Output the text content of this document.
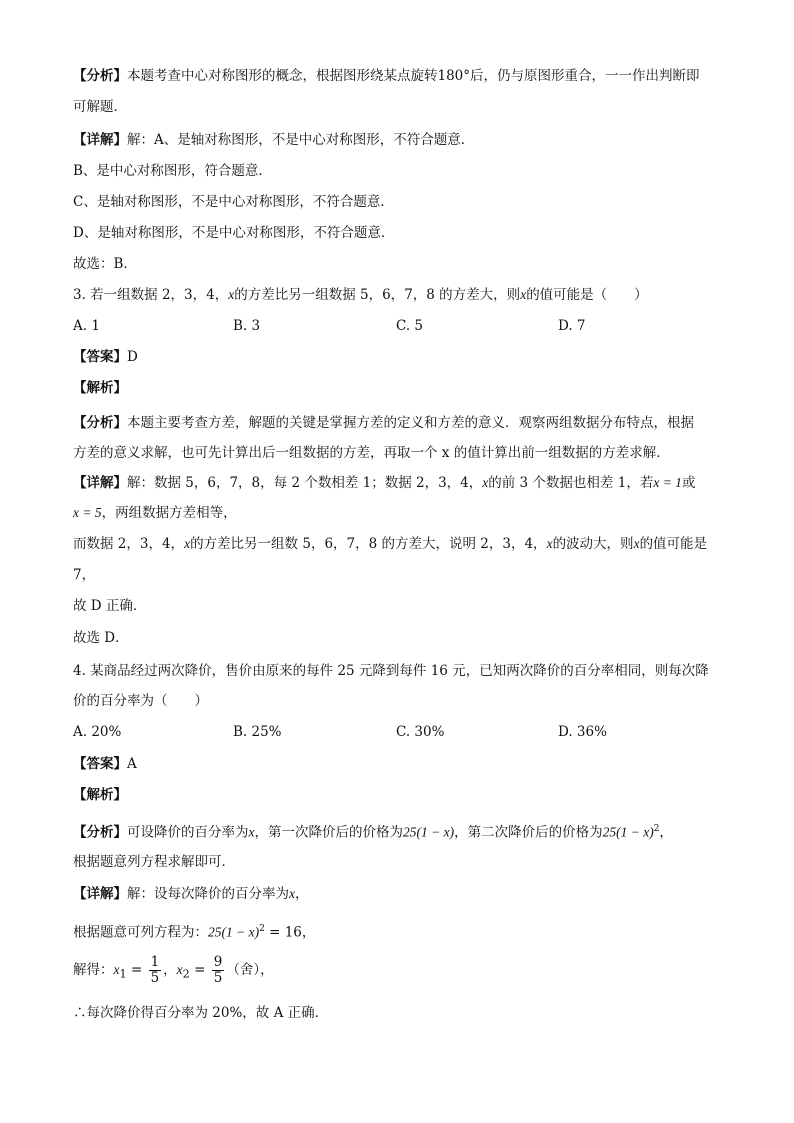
【分析】本题考查中心对称图形的概念，根据图形绕某点旋转180°后，仍与原图形重合，一一作出判断即
可解题．
【详解】解：A、是轴对称图形，不是中心对称图形，不符合题意．
B、是中心对称图形，符合题意．
C、是轴对称图形，不是中心对称图形，不符合题意．
D、是轴对称图形，不是中心对称图形，不符合题意．
故选：B．
3. 若一组数据 2，3，4，x的方差比另一组数据 5，6，7，8 的方差大，则x的值可能是（　　）
A. 1	B. 3	C. 5	D. 7
【答案】D
【解析】
【分析】本题主要考查方差，解题的关键是掌握方差的定义和方差的意义．观察两组数据分布特点，根据
方差的意义求解，也可先计算出后一组数据的方差，再取一个 x 的值计算出前一组数据的方差求解．
【详解】解：数据 5，6，7，8，每 2 个数相差 1；数据 2，3，4，x的前 3 个数据也相差 1，若x = 1或
x = 5，两组数据方差相等，
而数据 2，3，4，x的方差比另一组数 5，6，7，8 的方差大，说明 2，3，4，x的波动大，则x的值可能是
7，
故 D 正确．
故选 D．
4. 某商品经过两次降价，售价由原来的每件 25 元降到每件 16 元，已知两次降价的百分率相同，则每次降
价的百分率为（　　）
A. 20%	B. 25%	C. 30%	D. 36%
【答案】A
【解析】
【分析】可设降价的百分率为x，第一次降价后的价格为25(1 − x)，第二次降价后的价格为$25(1 - x)^2$，
根据题意列方程求解即可．
【详解】解：设每次降价的百分率为x，
根据题意可列方程为：$25(1 - x)^2 = 16$，
解得：$x_1 = \frac{1}{5}$ ，$x_2 = \frac{9}{5}$ （舍），
∴每次降价得百分率为 20%，故 A 正确．
